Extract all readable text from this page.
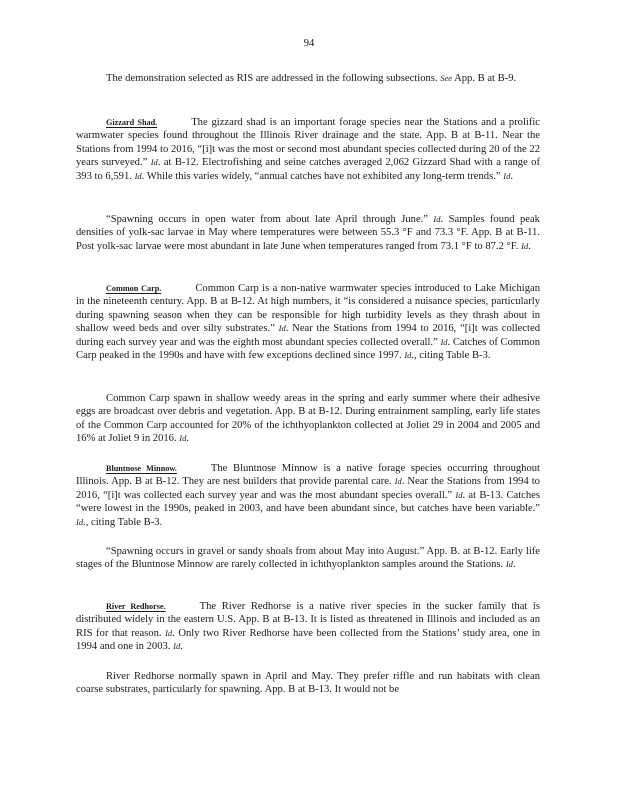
94

The demonstration selected as RIS are addressed in the following subsections. See App. B at B-9.

Gizzard Shad.	The gizzard shad is an important forage species near the Stations and a prolific warmwater species found throughout the Illinois River drainage and the state. App. B at B-11. Near the Stations from 1994 to 2016, “[i]t was the most or second most abundant species collected during 20 of the 22 years surveyed.” Id. at B-12. Electrofishing and seine catches averaged 2,062 Gizzard Shad with a range of 393 to 6,591. Id. While this varies widely, “annual catches have not exhibited any long-term trends.” Id.

“Spawning occurs in open water from about late April through June.” Id. Samples found peak densities of yolk-sac larvae in May where temperatures were between 55.3 °F and 73.3 °F. App. B at B-11. Post yolk-sac larvae were most abundant in late June when temperatures ranged from 73.1 °F to 87.2 °F. Id.

Common Carp.	Common Carp is a non-native warmwater species introduced to Lake Michigan in the nineteenth century. App. B at B-12. At high numbers, it “is considered a nuisance species, particularly during spawning season when they can be responsible for high turbidity levels as they thrash about in shallow weed beds and over silty substrates.” Id. Near the Stations from 1994 to 2016, “[i]t was collected during each survey year and was the eighth most abundant species collected overall.” Id. Catches of Common Carp peaked in the 1990s and have with few exceptions declined since 1997. Id., citing Table B-3.

Common Carp spawn in shallow weedy areas in the spring and early summer where their adhesive eggs are broadcast over debris and vegetation. App. B at B-12. During entrainment sampling, early life states of the Common Carp accounted for 20% of the ichthyoplankton collected at Joliet 29 in 2004 and 2005 and 16% at Joliet 9 in 2016. Id.

Bluntnose Minnow.	The Bluntnose Minnow is a native forage species occurring throughout Illinois. App. B at B-12. They are nest builders that provide parental care. Id. Near the Stations from 1994 to 2016, “[i]t was collected each survey year and was the most abundant species overall.” Id. at B-13. Catches “were lowest in the 1990s, peaked in 2003, and have been abundant since, but catches have been variable.” Id., citing Table B-3.

“Spawning occurs in gravel or sandy shoals from about May into August.” App. B. at B-12. Early life stages of the Bluntnose Minnow are rarely collected in ichthyoplankton samples around the Stations. Id.

River Redhorse.	The River Redhorse is a native river species in the sucker family that is distributed widely in the eastern U.S. App. B at B-13. It is listed as threatened in Illinois and included as an RIS for that reason. Id. Only two River Redhorse have been collected from the Stations’ study area, one in 1994 and one in 2003. Id.

River Redhorse normally spawn in April and May. They prefer riffle and run habitats with clean coarse substrates, particularly for spawning. App. B at B-13. It would not be
